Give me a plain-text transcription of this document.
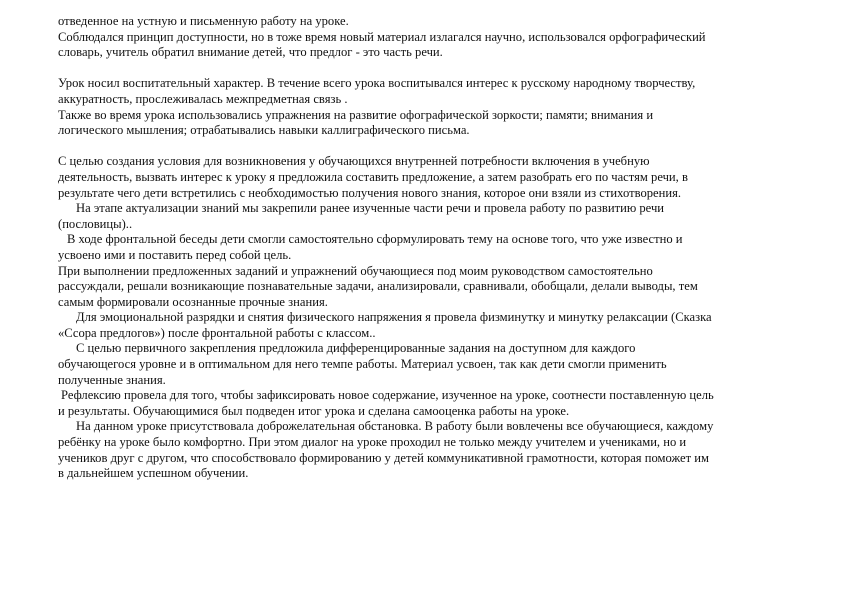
отведенное на устную и письменную работу на уроке.
Соблюдался принцип доступности, но в тоже время новый материал излагался научно, использовался орфографический
словарь, учитель обратил внимание детей, что предлог - это часть речи.
Урок носил воспитательный характер. В течение всего урока воспитывался интерес к русскому народному творчеству,
аккуратность, прослеживалась межпредметная связь .
Также во время урока использовались упражнения на развитие офографической зоркости; памяти; внимания и
логического мышления; отрабатывались навыки каллиграфического письма.
С целью создания условия для возникновения у обучающихся внутренней потребности включения в учебную
деятельность, вызвать интерес к уроку я предложила составить предложение, а затем разобрать его по частям речи, в
результате чего дети встретились с необходимостью получения нового знания, которое они взяли из стихотворения.
На этапе актуализации знаний мы закрепили ранее изученные части речи и провела работу по развитию речи
(пословицы)..
В ходе фронтальной беседы дети смогли самостоятельно сформулировать тему на основе того, что уже известно и
усвоено ими и поставить перед собой цель.
При выполнении предложенных заданий и упражнений обучающиеся под моим руководством самостоятельно
рассуждали, решали возникающие познавательные задачи, анализировали, сравнивали, обобщали, делали выводы, тем
самым формировали осознанные прочные знания.
Для эмоциональной разрядки и снятия физического напряжения я провела физминутку и минутку релаксации (Сказка
«Ссора предлогов») после фронтальной работы с классом..
С целью первичного закрепления предложила дифференцированные задания на доступном для каждого
обучающегося уровне и в оптимальном для него темпе работы. Материал усвоен, так как дети смогли применить
полученные знания.
Рефлексию провела для того, чтобы зафиксировать новое содержание, изученное на уроке, соотнести поставленную цель
и результаты. Обучающимися был подведен итог урока и сделана самооценка работы на уроке.
На данном уроке присутствовала доброжелательная обстановка. В работу были вовлечены все обучающиеся, каждому
ребёнку на уроке было комфортно. При этом диалог на уроке проходил не только между учителем и учениками, но и
учеников друг с другом, что способствовало формированию у детей коммуникативной грамотности, которая поможет им
в дальнейшем успешном обучении.
